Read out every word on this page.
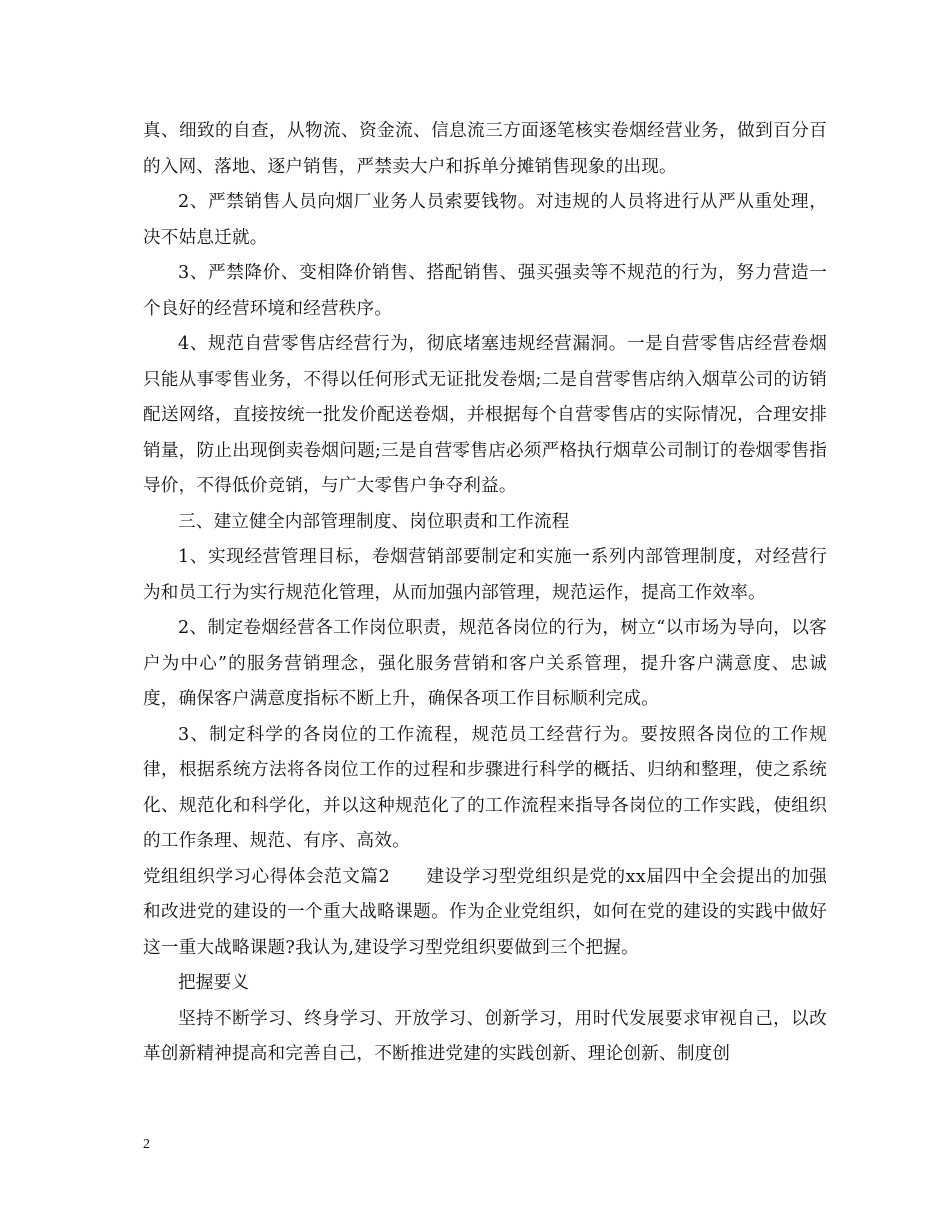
真、细致的自查，从物流、资金流、信息流三方面逐笔核实卷烟经营业务，做到百分百的入网、落地、逐户销售，严禁卖大户和拆单分摊销售现象的出现。

2、严禁销售人员向烟厂业务人员索要钱物。对违规的人员将进行从严从重处理，决不姑息迁就。

3、严禁降价、变相降价销售、搭配销售、强买强卖等不规范的行为，努力营造一个良好的经营环境和经营秩序。

4、规范自营零售店经营行为，彻底堵塞违规经营漏洞。一是自营零售店经营卷烟只能从事零售业务，不得以任何形式无证批发卷烟;二是自营零售店纳入烟草公司的访销配送网络，直接按统一批发价配送卷烟，并根据每个自营零售店的实际情况，合理安排销量，防止出现倒卖卷烟问题;三是自营零售店必须严格执行烟草公司制订的卷烟零售指导价，不得低价竞销，与广大零售户争夺利益。

三、建立健全内部管理制度、岗位职责和工作流程

1、实现经营管理目标，卷烟营销部要制定和实施一系列内部管理制度，对经营行为和员工行为实行规范化管理，从而加强内部管理，规范运作，提高工作效率。

2、制定卷烟经营各工作岗位职责，规范各岗位的行为，树立“以市场为导向，以客户为中心”的服务营销理念，强化服务营销和客户关系管理，提升客户满意度、忠诚度，确保客户满意度指标不断上升，确保各项工作目标顺利完成。

3、制定科学的各岗位的工作流程，规范员工经营行为。要按照各岗位的工作规律，根据系统方法将各岗位工作的过程和步骤进行科学的概括、归纳和整理，使之系统化、规范化和科学化，并以这种规范化了的工作流程来指导各岗位的工作实践，使组织的工作条理、规范、有序、高效。

党组组织学习心得体会范文篇2　　建设学习型党组织是党的xx届四中全会提出的加强和改进党的建设的一个重大战略课题。作为企业党组织，如何在党的建设的实践中做好这一重大战略课题?我认为,建设学习型党组织要做到三个把握。

把握要义

坚持不断学习、终身学习、开放学习、创新学习，用时代发展要求审视自己，以改革创新精神提高和完善自己，不断推进党建的实践创新、理论创新、制度创

2
